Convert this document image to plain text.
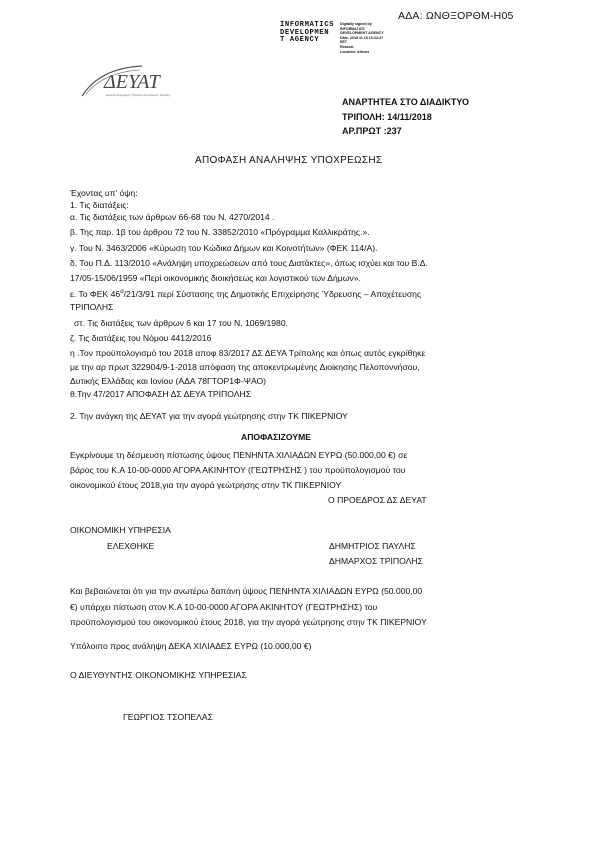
ΑΔΑ: ΩΝΘΞΟΡΘΜ-Η05
INFORMATICS
DEVELOPMEN
T AGENCY
Digitally signed by
INFORMATICS
DEVELOPMENT AGENCY
Date: 2018.11.15 10:22:37
EET
Reason:
Location: Athens
ΔΕΥΑΤ
Δημοτική Επιχείρηση Ύδρευσης Αποχέτευσης Τρίπολης
ΑΝΑΡΤΗΤΕΑ ΣΤΟ ΔΙΑΔΙΚΤΥΟ
ΤΡΙΠΟΛΗ: 14/11/2018
ΑΡ.ΠΡΩΤ :237
ΑΠΟΦΑΣΗ ΑΝΑΛΗΨΗΣ ΥΠΟΧΡΕΩΣΗΣ
Έχοντας υπ' όψη:
1. Τις διατάξεις:
α. Τις διατάξεις των άρθρων 66-68 του Ν. 4270/2014 .
β. Της παρ. 1β του άρθρου 72 του Ν. 33852/2010 «Πρόγραμμα Καλλικράτης.».
γ. Του Ν. 3463/2006 «Κύρωση του Κώδικα Δήμων και Κοινοτήτων» (ΦΕΚ 114/Α).
δ. Του Π.Δ. 113/2010 «Ανάληψη υποχρεώσεων από τους Διατάκτες», όπως ισχύει και του Β.Δ.
17/05-15/06/1959 «Περί οικονομικής διοικήσεως και λογιστικού των Δήμων».
ε. Το ΦΕΚ $46^\alpha/21/3/91$ περί Σύστασης της Δημοτικής Επιχείρησης Ύδρευσης – Αποχέτευσης
ΤΡΙΠΟΛΗΣ
στ. Τις διατάξεις των άρθρων 6 και 17 του Ν. 1069/1980.
ζ. Τις διατάξεις του Νόμου 4412/2016
η .Τον προϋπολογισμό του 2018 αποφ 83/2017 ΔΣ ΔΕΥΑ Τρίπολης και όπως αυτός εγκρίθηκε
με την αρ πρωτ 322904/9-1-2018 απόφαση της αποκεντρωμένης Διοίκησης Πελοποννήσου,
Δυτικής Ελλάδας και Ιονίου (ΑΔΑ 78ΓΤΟΡ1Φ-ΨΑΟ)
θ.Την 47/2017 ΑΠΟΦΑΣΗ ΔΣ ΔΕΥΑ ΤΡΙΠΟΛΗΣ
2. Την ανάγκη της ΔΕΥΑΤ για την αγορά γεώτρησης στην ΤΚ ΠΙΚΕΡΝΙΟΥ
ΑΠΟΦΑΣΙΖΟΥΜΕ
Εγκρίνουμε τη δέσμευση πίστωσης ύψους ΠΕΝΗΝΤΑ ΧΙΛΙΑΔΩΝ ΕΥΡΩ (50.000,00 €) σε
βάρος του Κ.Α 10-00-0000 ΑΓΟΡΑ ΑΚΙΝΗΤΟΥ (ΓΕΩΤΡΗΣΗΣ ) του προϋπολογισμού του
οικονομικού έτους 2018,για την αγορά γεώτρησης στην ΤΚ ΠΙΚΕΡΝΙΟΥ
Ο ΠΡΟΕΔΡΟΣ ΔΣ ΔΕΥΑΤ
ΟΙΚΟΝΟΜΙΚΗ ΥΠΗΡΕΣΙΑ
ΕΛΕΧΘΗΚΕ	ΔΗΜΗΤΡΙΟΣ ΠΑΥΛΗΣ
ΔΗΜΑΡΧΟΣ ΤΡΙΠΟΛΗΣ
Και βεβαιώνεται ότι για την ανωτέρω δαπάνη ύψους ΠΕΝΗΝΤΑ ΧΙΛΙΑΔΩΝ ΕΥΡΩ (50.000,00
€) υπάρχει πίστωση στον Κ.Α 10-00-0000 ΑΓΟΡΑ ΑΚΙΝΗΤΟΥ (ΓΕΩΤΡΗΣΗΣ) του
προϋπολογισμού του οικονομικού έτους 2018, για την αγορά γεώτρησης στην ΤΚ ΠΙΚΕΡΝΙΟΥ
Υπόλοιπο προς ανάληψη ΔΕΚΑ ΧΙΛΙΑΔΕΣ ΕΥΡΩ (10.000,00 €)
Ο ΔΙΕΥΘΥΝΤΗΣ ΟΙΚΟΝΟΜΙΚΗΣ ΥΠΗΡΕΣΙΑΣ
ΓΕΩΡΓΙΟΣ ΤΣΟΠΕΛΑΣ
